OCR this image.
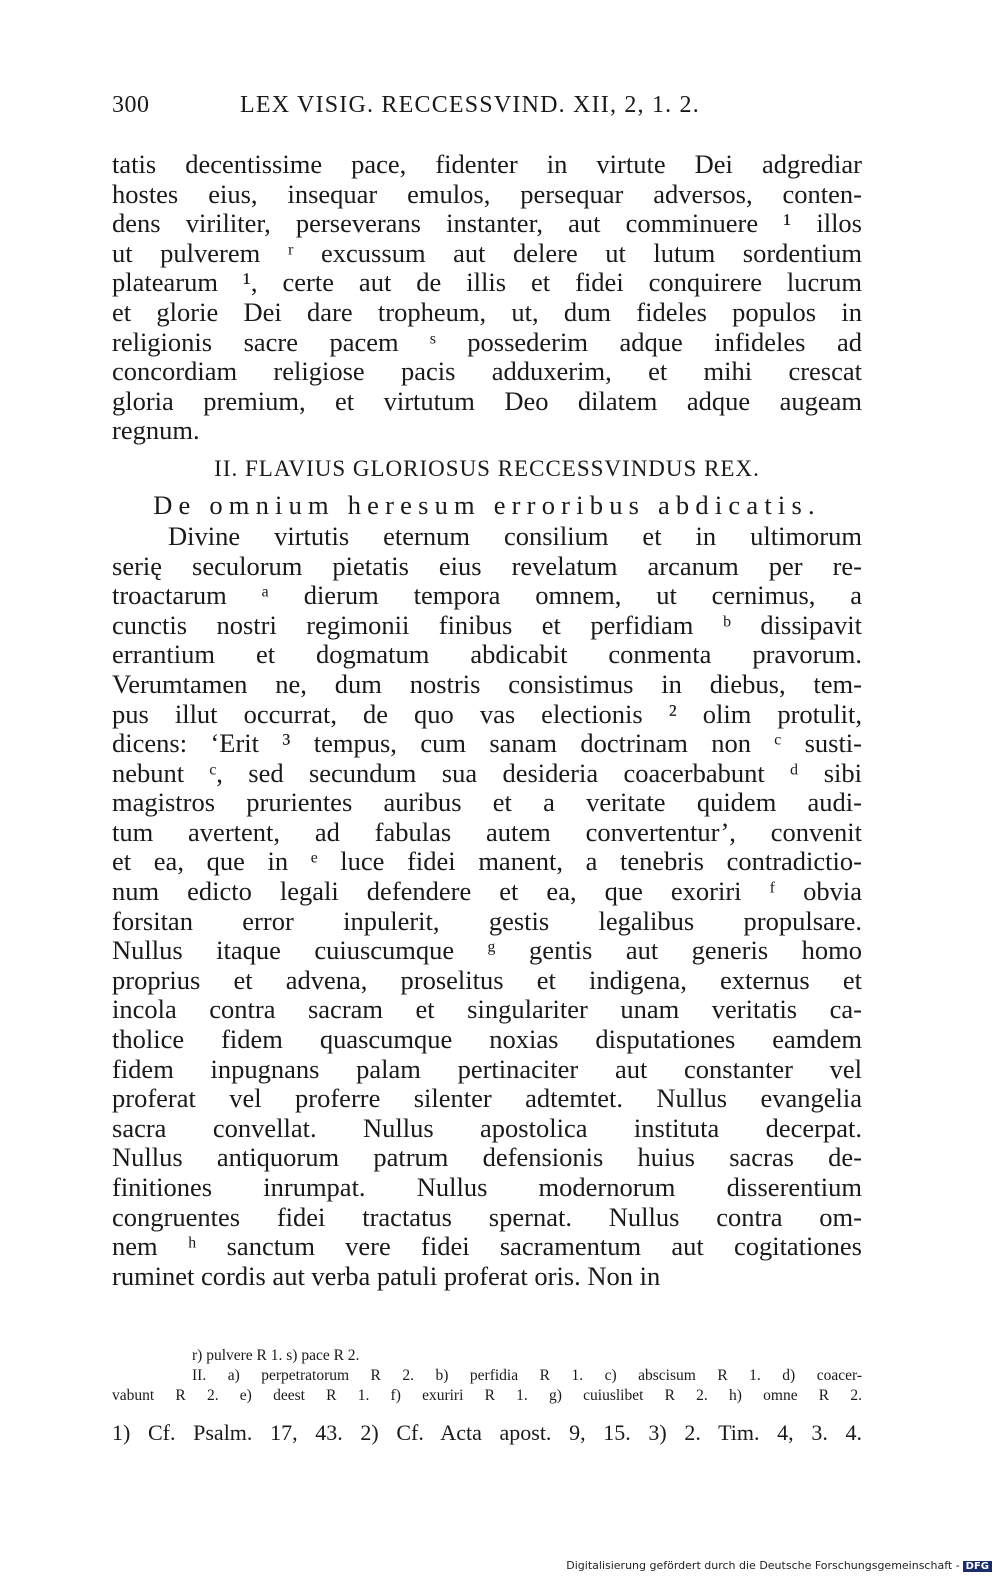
300	LEX VISIG. RECCESSVIND. XII, 2, 1. 2.
tatis decentissime pace, fidenter in virtute Dei adgrediar
hostes eius, insequar emulos, persequar adversos, conten-
dens viriliter, perseverans instanter, aut comminuere ¹ illos
ut pulverem ʳ excussum aut delere ut lutum sordentium
platearum ¹, certe aut de illis et fidei conquirere lucrum
et glorie Dei dare tropheum, ut, dum fideles populos in
religionis sacre pacem ˢ possederim adque infideles ad
concordiam religiose pacis adduxerim, et mihi crescat
gloria premium, et virtutum Deo dilatem adque augeam
regnum.
II. FLAVIUS GLORIOSUS RECCESSVINDUS REX.
De omnium heresum erroribus abdicatis.
Divine virtutis eternum consilium et in ultimorum
serię seculorum pietatis eius revelatum arcanum per re-
troactarum ᵃ dierum tempora omnem, ut cernimus, a
cunctis nostri regimonii finibus et perfidiam ᵇ dissipavit
errantium et dogmatum abdicabit conmenta pravorum.
Verumtamen ne, dum nostris consistimus in diebus, tem-
pus illut occurrat, de quo vas electionis ² olim protulit,
dicens: ‘Erit ³ tempus, cum sanam doctrinam non ᶜ susti-
nebunt ᶜ, sed secundum sua desideria coacerbabunt ᵈ sibi
magistros prurientes auribus et a veritate quidem audi-
tum avertent, ad fabulas autem convertentur’, convenit
et ea, que in ᵉ luce fidei manent, a tenebris contradictio-
num edicto legali defendere et ea, que exoriri ᶠ obvia
forsitan error inpulerit, gestis legalibus propulsare.
Nullus itaque cuiuscumque ᵍ gentis aut generis homo
proprius et advena, proselitus et indigena, externus et
incola contra sacram et singulariter unam veritatis ca-
tholice fidem quascumque noxias disputationes eamdem
fidem inpugnans palam pertinaciter aut constanter vel
proferat vel proferre silenter adtemtet. Nullus evangelia
sacra convellat. Nullus apostolica instituta decerpat.
Nullus antiquorum patrum defensionis huius sacras de-
finitiones inrumpat. Nullus modernorum disserentium
congruentes fidei tractatus spernat. Nullus contra om-
nem ʰ sanctum vere fidei sacramentum aut cogitationes
ruminet cordis aut verba patuli proferat oris. Non in
r) pulvere R 1. s) pace R 2.
II. a) perpetratorum R 2. b) perfidia R 1. c) abscisum R 1. d) coacer-
vabunt R 2. e) deest R 1. f) exuriri R 1. g) cuiuslibet R 2. h) omne R 2.
1) Cf. Psalm. 17, 43. 2) Cf. Acta apost. 9, 15. 3) 2. Tim. 4, 3. 4.
Digitalisierung gefördert durch die Deutsche Forschungsgemeinschaft - DFG
